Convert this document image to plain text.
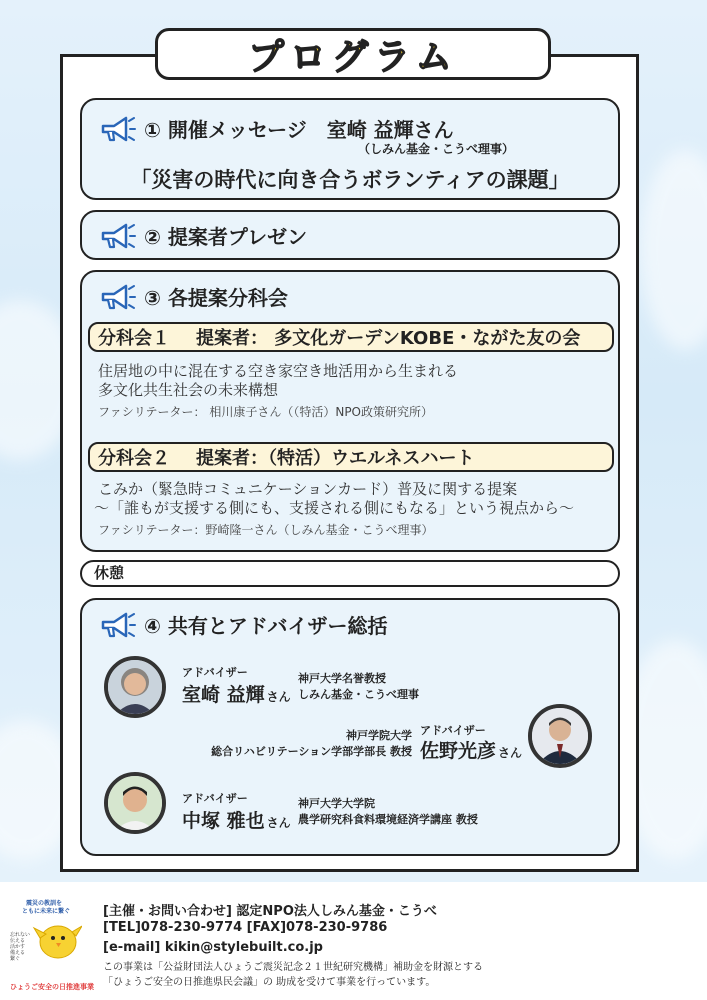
プログラム
① 開催メッセージ　室崎 益輝さん
（しみん基金・こうべ理事）
「災害の時代に向き合うボランティアの課題」
② 提案者プレゼン
③ 各提案分科会
分科会１ 提案者： 多文化ガーデンKOBE・ながた友の会
住居地の中に混在する空き家空き地活用から生まれる
多文化共生社会の未来構想
ファシリテーター： 相川康子さん（（特活）NPO政策研究所）
分科会２ 提案者：（特活）ウエルネスハート
こみか（緊急時コミュニケーションカード）普及に関する提案
〜「誰もが支援する側にも、支援される側にもなる」という視点から〜
ファシリテーター：野崎隆一さん（しみん基金・こうべ理事）
休憩
④ 共有とアドバイザー総括
アドバイザー
室崎 益輝 さん
神戸大学名誉教授
しみん基金・こうべ理事
神戸学院大学
総合リハビリテーション学部学部長 教授
アドバイザー
佐野光彦 さん
アドバイザー
中塚 雅也 さん
神戸大学大学院
農学研究科食料環境経済学講座 教授
震災の教訓を
ともに未来に繋ぐ
忘れない
伝える
活かす
備える
繋ぐ
ひょうご安全の日推進事業
[主催・お問い合わせ] 認定NPO法人しみん基金・こうべ
[TEL]078-230-9774 [FAX]078-230-9786
[e-mail] kikin@stylebuilt.co.jp
この事業は「公益財団法人ひょうご震災記念２１世紀研究機構」補助金を財源とする
「ひょうご安全の日推進県民会議」の 助成を受けて事業を行っています。
